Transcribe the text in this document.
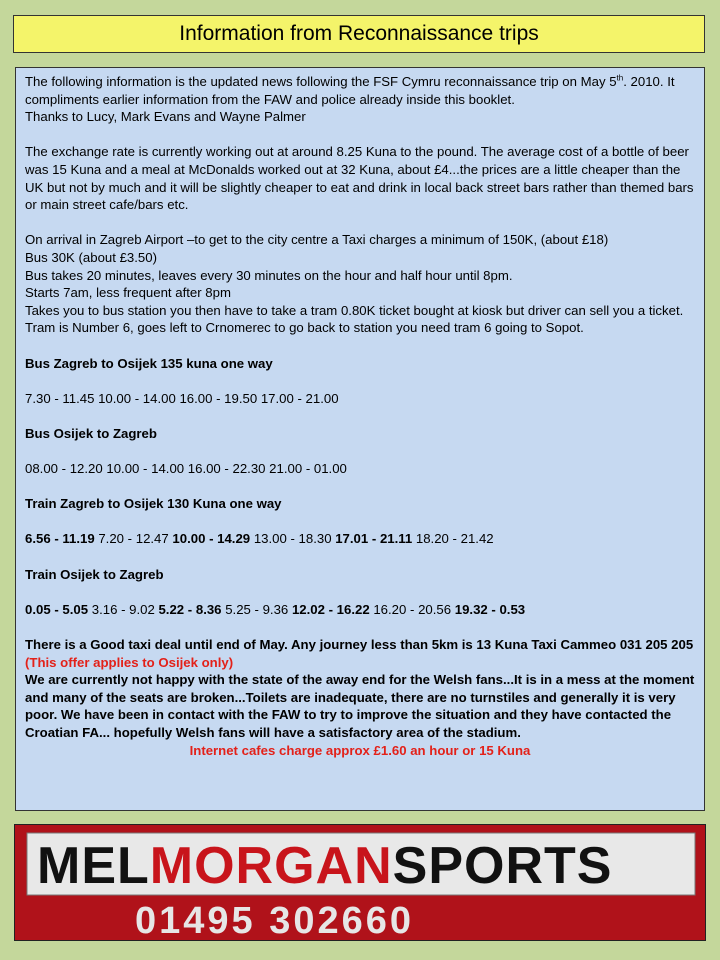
Information from Reconnaissance trips

The following information is the updated news following the FSF Cymru reconnaissance trip on May 5th. 2010. It compliments earlier information from the FAW and police already inside this booklet.

Thanks to Lucy, Mark Evans and Wayne Palmer

The exchange rate is currently working out at around 8.25 Kuna to the pound. The average cost of a bottle of beer was 15 Kuna and a meal at McDonalds worked out at 32 Kuna, about £4...the prices are a little cheaper than the UK but not by much and it will be slightly cheaper to eat and drink in local back street bars rather than themed bars or main street cafe/bars etc.

On arrival in Zagreb Airport –to get to the city centre a Taxi charges a minimum of 150K, (about £18)

Bus 30K (about £3.50)

Bus takes 20 minutes, leaves every 30 minutes on the hour and half hour until 8pm.

Starts 7am, less frequent after 8pm

Takes you to bus station you then have to take a tram 0.80K ticket bought at kiosk but driver can sell you a ticket. Tram is Number 6, goes left to Crnomerec to go back to station you need tram 6 going to Sopot.

Bus Zagreb to Osijek 135 kuna one way

7.30 - 11.45 10.00 - 14.00 16.00 - 19.50 17.00 - 21.00

Bus Osijek to Zagreb

08.00 - 12.20 10.00 - 14.00 16.00 - 22.30 21.00 - 01.00

Train Zagreb to Osijek 130 Kuna one way

6.56 - 11.19 7.20 - 12.47 10.00 - 14.29 13.00 - 18.30 17.01 - 21.11 18.20 - 21.42

Train Osijek to Zagreb

0.05 - 5.05 3.16 - 9.02 5.22 - 8.36 5.25 - 9.36 12.02 - 16.22 16.20 - 20.56 19.32 - 0.53

There is a Good taxi deal until end of May. Any journey less than 5km is 13 Kuna Taxi Cammeo 031 205 205 (This offer applies to Osijek only)

We are currently not happy with the state of the away end for the Welsh fans...It is in a mess at the moment and many of the seats are broken...Toilets are inadequate, there are no turnstiles and generally it is very poor. We have been in contact with the FAW to try to improve the situation and they have contacted the Croatian FA... hopefully Welsh fans will have a satisfactory area of the stadium.

Internet cafes charge approx £1.60 an hour or 15 Kuna

MELMORGANSPORTS
01495 302660
